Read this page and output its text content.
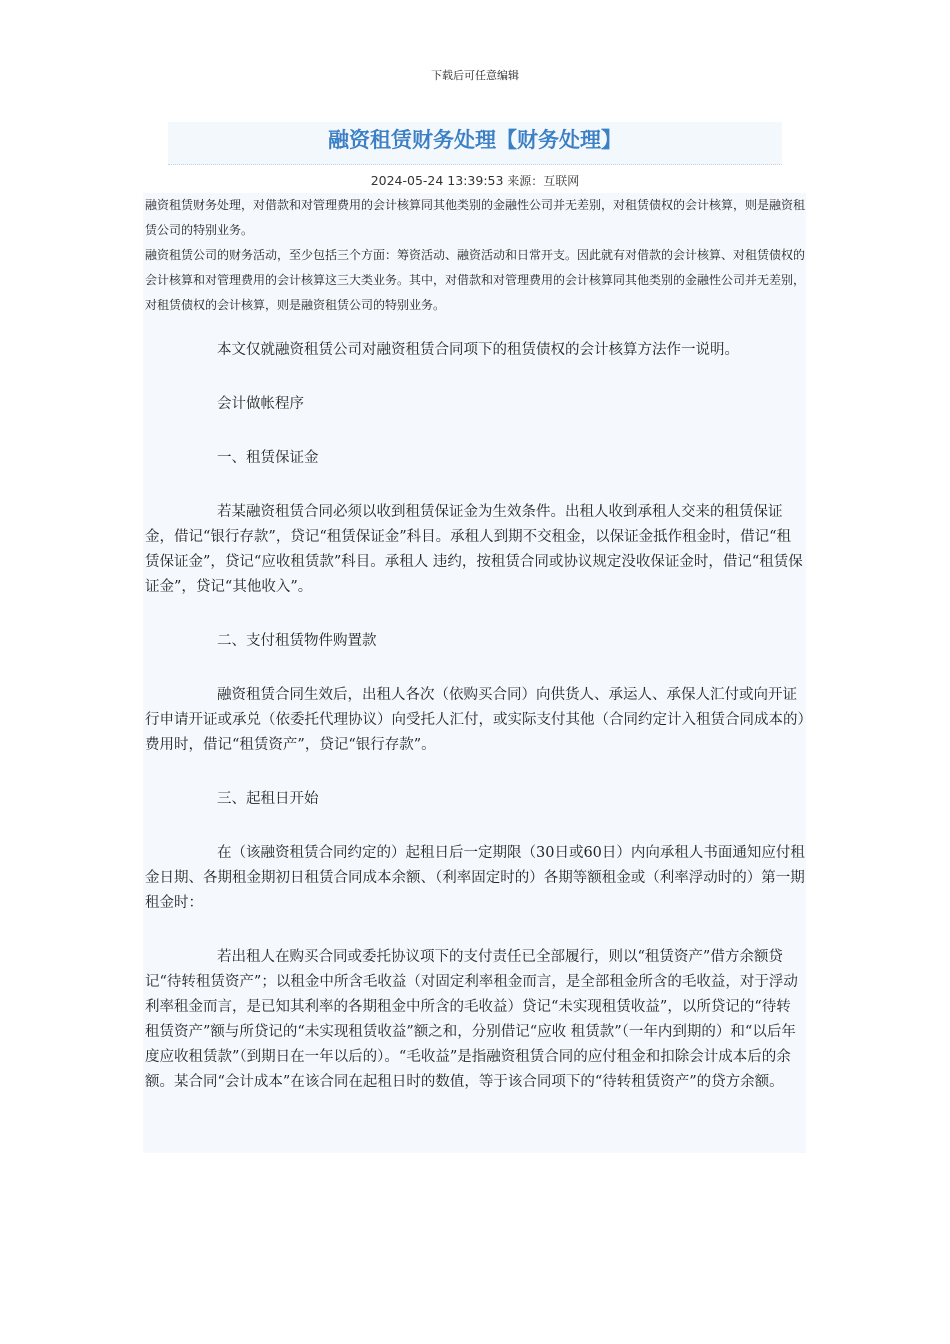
下载后可任意编辑
融资租赁财务处理【财务处理】
2024-05-24 13:39:53 来源：互联网

融资租赁财务处理，对借款和对管理费用的会计核算同其他类别的金融性公司并无差别，对租赁债权的会计核算，则是融资租赁公司的特别业务。

融资租赁公司的财务活动，至少包括三个方面：筹资活动、融资活动和日常开支。因此就有对借款的会计核算、对租赁债权的会计核算和对管理费用的会计核算这三大类业务。其中，对借款和对管理费用的会计核算同其他类别的金融性公司并无差别，对租赁债权的会计核算，则是融资租赁公司的特别业务。

本文仅就融资租赁公司对融资租赁合同项下的租赁债权的会计核算方法作一说明。

会计做帐程序

一、租赁保证金

若某融资租赁合同必须以收到租赁保证金为生效条件。出租人收到承租人交来的租赁保证金，借记“银行存款”，贷记“租赁保证金”科目。承租人到期不交租金，以保证金抵作租金时，借记“租赁保证金”，贷记“应收租赁款”科目。承租人 违约，按租赁合同或协议规定没收保证金时，借记“租赁保证金”，贷记“其他收入”。

二、支付租赁物件购置款

融资租赁合同生效后，出租人各次（依购买合同）向供货人、承运人、承保人汇付或向开证行申请开证或承兑（依委托代理协议）向受托人汇付，或实际支付其他（合同约定计入租赁合同成本的）费用时，借记“租赁资产”，贷记“银行存款”。

三、起租日开始

在（该融资租赁合同约定的）起租日后一定期限（30日或60日）内向承租人书面通知应付租金日期、各期租金期初日租赁合同成本余额、（利率固定时的）各期等额租金或（利率浮动时的）第一期租金时：

若出租人在购买合同或委托协议项下的支付责任已全部履行，则以“租赁资产”借方余额贷记“待转租赁资产”；以租金中所含毛收益（对固定利率租金而言，是全部租金所含的毛收益，对于浮动利率租金而言，是已知其利率的各期租金中所含的毛收益）贷记“未实现租赁收益”，以所贷记的“待转租赁资产”额与所贷记的“未实现租赁收益”额之和，分别借记“应收 租赁款”（一年内到期的）和“以后年度应收租赁款”（到期日在一年以后的）。“毛收益”是指融资租赁合同的应付租金和扣除会计成本后的余额。某合同“会计成本”在该合同在起租日时的数值，等于该合同项下的“待转租赁资产”的贷方余额。
